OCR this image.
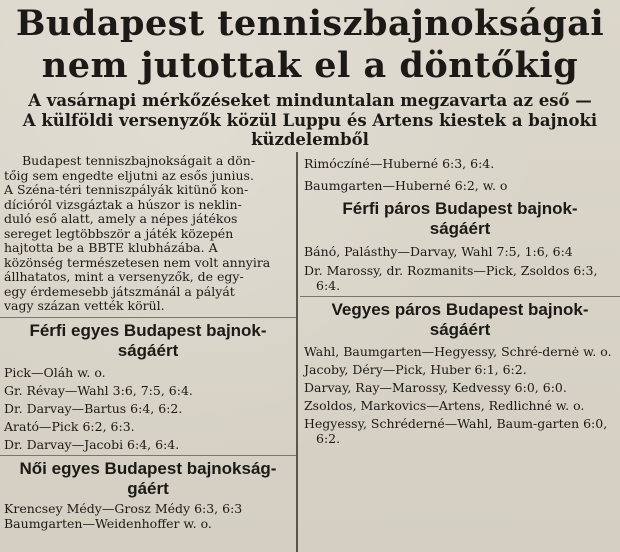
Budapest tenniszbajnokságai
nem jutottak el a döntőkig
A vasárnapi mérkőzéseket minduntalan megzavarta az eső —
A külföldi versenyzők közül Luppu és Artens kiestek a bajnoki
küzdelemből
Budapest tenniszbajnokságait a dön-
tőig sem engedte eljutni az esős junius.
A Széna-téri tenniszpályák kitünő kon-
dícióról vizsgáztak a húszor is neklin-
duló eső alatt, amely a népes játékos
sereget legtöbbször a játék közepén
hajtotta be a BBTE klubházába. A
közönség természetesen nem volt annyira
állhatatos, mint a versenyzők, de egy-
egy érdemesebb játszmánál a pályát
vagy százan vették körül.
Férfi egyes Budapest bajnok-
ságáért
Pick—Oláh w. o.
Gr. Révay—Wahl 3:6, 7:5, 6:4.
Dr. Darvay—Bartus 6:4, 6:2.
Arató—Pick 6:2, 6:3.
Dr. Darvay—Jacobi 6:4, 6:4.
Női egyes Budapest bajnokság-
gáért
Krencsey Médy—Grosz Médy 6:3, 6:3
Baumgarten—Weidenhoffer w. o.
Rimóczíné—Huberné 6:3, 6:4.
Baumgarten—Huberné 6:2, w. o
Férfi páros Budapest bajnok-
ságáért
Bánó, Palásthy—Darvay, Wahl 7:5, 1:6, 6:4
Dr. Marossy, dr. Rozmanits—Pick, Zsoldos 6:3, 6:4.
Vegyes páros Budapest bajnok-
ságáért
Wahl, Baumgarten—Hegyessy, Schré-dernė w. o.
Jacoby, Déry—Pick, Huber 6:1, 6:2.
Darvay, Ray—Marossy, Kedvessy 6:0, 6:0.
Zsoldos, Markovics—Artens, Redlichné w. o.
Hegyessy, Schréderné—Wahl, Baum-garten 6:0, 6:2.
